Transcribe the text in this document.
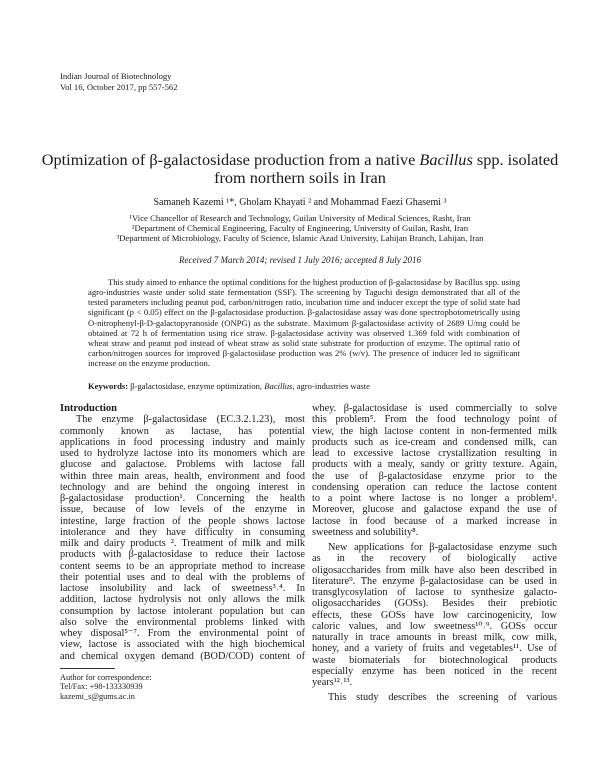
Indian Journal of Biotechnology
Vol 16, October 2017, pp 557-562
Optimization of β-galactosidase production from a native Bacillus spp. isolated
from northern soils in Iran
Samaneh Kazemi ¹*, Gholam Khayati ² and Mohammad Faezi Ghasemi ³
¹Vice Chancellor of Research and Technology, Guilan University of Medical Sciences, Rasht, Iran
²Department of Chemical Engineering, Faculty of Engineering, University of Guilan, Rasht, Iran
³Department of Microbiology, Faculty of Science, Islamic Azad University, Lahijan Branch, Lahijan, Iran
Received 7 March 2014; revised 1 July 2016; accepted 8 July 2016
This study aimed to enhance the optimal conditions for the highest production of β-galactosidase by Bacillus spp. using
agro-industries waste under solid state fermentation (SSF). The screening by Taguchi design demonstrated that all of the
tested parameters including peanut pod, carbon/nitrogen ratio, incubation time and inducer except the type of solid state had
significant (p < 0.05) effect on the β-galactosidase production. β-galactosidase assay was done spectrophotometrically using
O-nitrophenyl-β-D-galactopyranoside (ONPG) as the substrate. Maximum β-galactosidase activity of 2689 U/mg could be
obtained at 72 h of fermentation using rice straw. β-galactosidase activity was observed 1.369 fold with combination of
wheat straw and peanut pod instead of wheat straw as solid state substrate for production of enzyme. The optimal ratio of
carbon/nitrogen sources for improved β-galactosidase production was 2% (w/v). The presence of inducer led to significant
increase on the enzyme production.
Keywords: β-galactosidase, enzyme optimization, Bacillus, agro-industries waste
Introduction
The enzyme β-galactosidase (EC.3.2.1.23), most
commonly known as lactase, has potential
applications in food processing industry and mainly
used to hydrolyze lactose into its monomers which are
glucose and galactose. Problems with lactose fall
within three main areas, health, environment and food
technology and are behind the ongoing interest in
β-galactosidase production¹. Concerning the health
issue, because of low levels of the enzyme in
intestine, large fraction of the people shows lactose
intolerance and they have difficulty in consuming
milk and dairy products ². Treatment of milk and milk
products with β-galactosidase to reduce their lactose
content seems to be an appropriate method to increase
their potential uses and to deal with the problems of
lactose insolubility and lack of sweetness³˒⁴. In
addition, lactose hydrolysis not only allows the milk
consumption by lactose intolerant population but can
also solve the environmental problems linked with
whey disposal⁵⁻⁷. From the environmental point of
view, lactose is associated with the high biochemical
and chemical oxygen demand (BOD/COD) content of
Author for correspondence:
Tel/Fax: +98-133330939
kazemi_s@gums.ac.in
whey. β-galactosidase is used commercially to solve
this problem⁵. From the food technology point of
view, the high lactose content in non-fermented milk
products such as ice-cream and condensed milk, can
lead to excessive lactose crystallization resulting in
products with a mealy, sandy or gritty texture. Again,
the use of β-galactosidase enzyme prior to the
condensing operation can reduce the lactose content
to a point where lactose is no longer a problem¹.
Moreover, glucose and galactose expand the use of
lactose in food because of a marked increase in
sweetness and solubility⁸.
New applications for β-galactosidase enzyme such
as in the recovery of biologically active
oligosaccharides from milk have also been described in
literature⁹. The enzyme β-galactosidase can be used in
transglycosylation of lactose to synthesize galacto-
oligosaccharides (GOSs). Besides their prebiotic
effects, these GOSs have low carcinogenicity, low
caloric values, and low sweetness¹⁰˒⁹. GOSs occur
naturally in trace amounts in breast milk, cow milk,
honey, and a variety of fruits and vegetables¹¹. Use of
waste biomaterials for biotechnological products
especially enzyme has been noticed in the recent
years¹²˒¹³.
This study describes the screening of various
